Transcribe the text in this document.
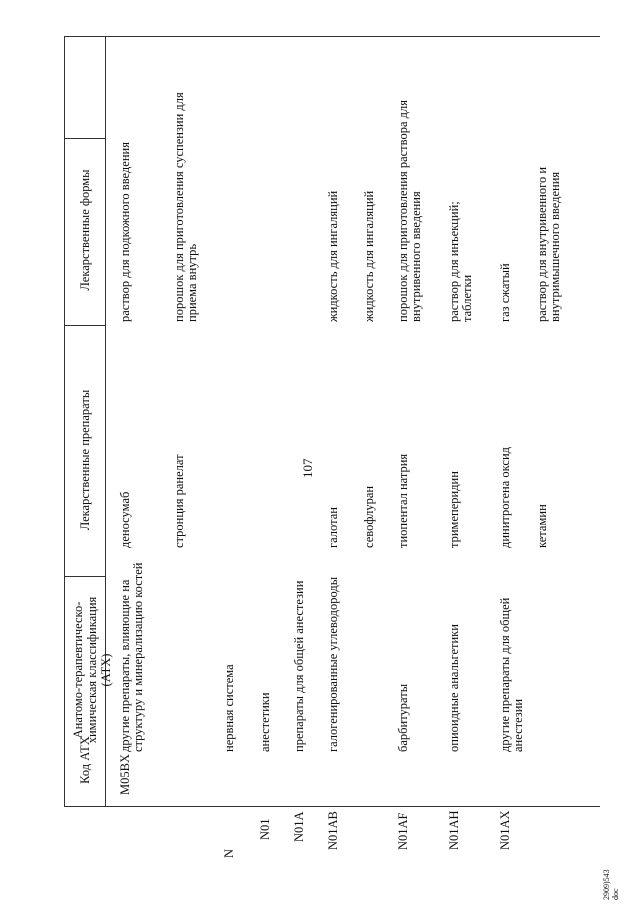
107
2909)543 doc
Код АТХ
Анатомо-терапевтическо-химическая классификация (АТХ)
Лекарственные препараты
Лекарственные формы
M05BX
другие препараты, влияющие на структуру и минерализацию костей
деносумаб
раствор для подкожного введения
стронция ранелат
порошок для приготовления суспензии для приема внутрь
N
нервная система
N01
анестетики
N01A
препараты для общей анестезии
N01AB
галогенированные углеводороды
галотан
жидкость для ингаляций
севофлуран
жидкость для ингаляций
N01AF
барбитураты
тиопентал натрия
порошок для приготовления раствора для внутривенного введения
N01AH
опиоидные анальгетики
тримеперидин
раствор для инъекций; таблетки
N01AX
другие препараты для общей анестезии
динитрогена оксид
газ сжатый
кетамин
раствор для внутривенного и внутримышечного введения
